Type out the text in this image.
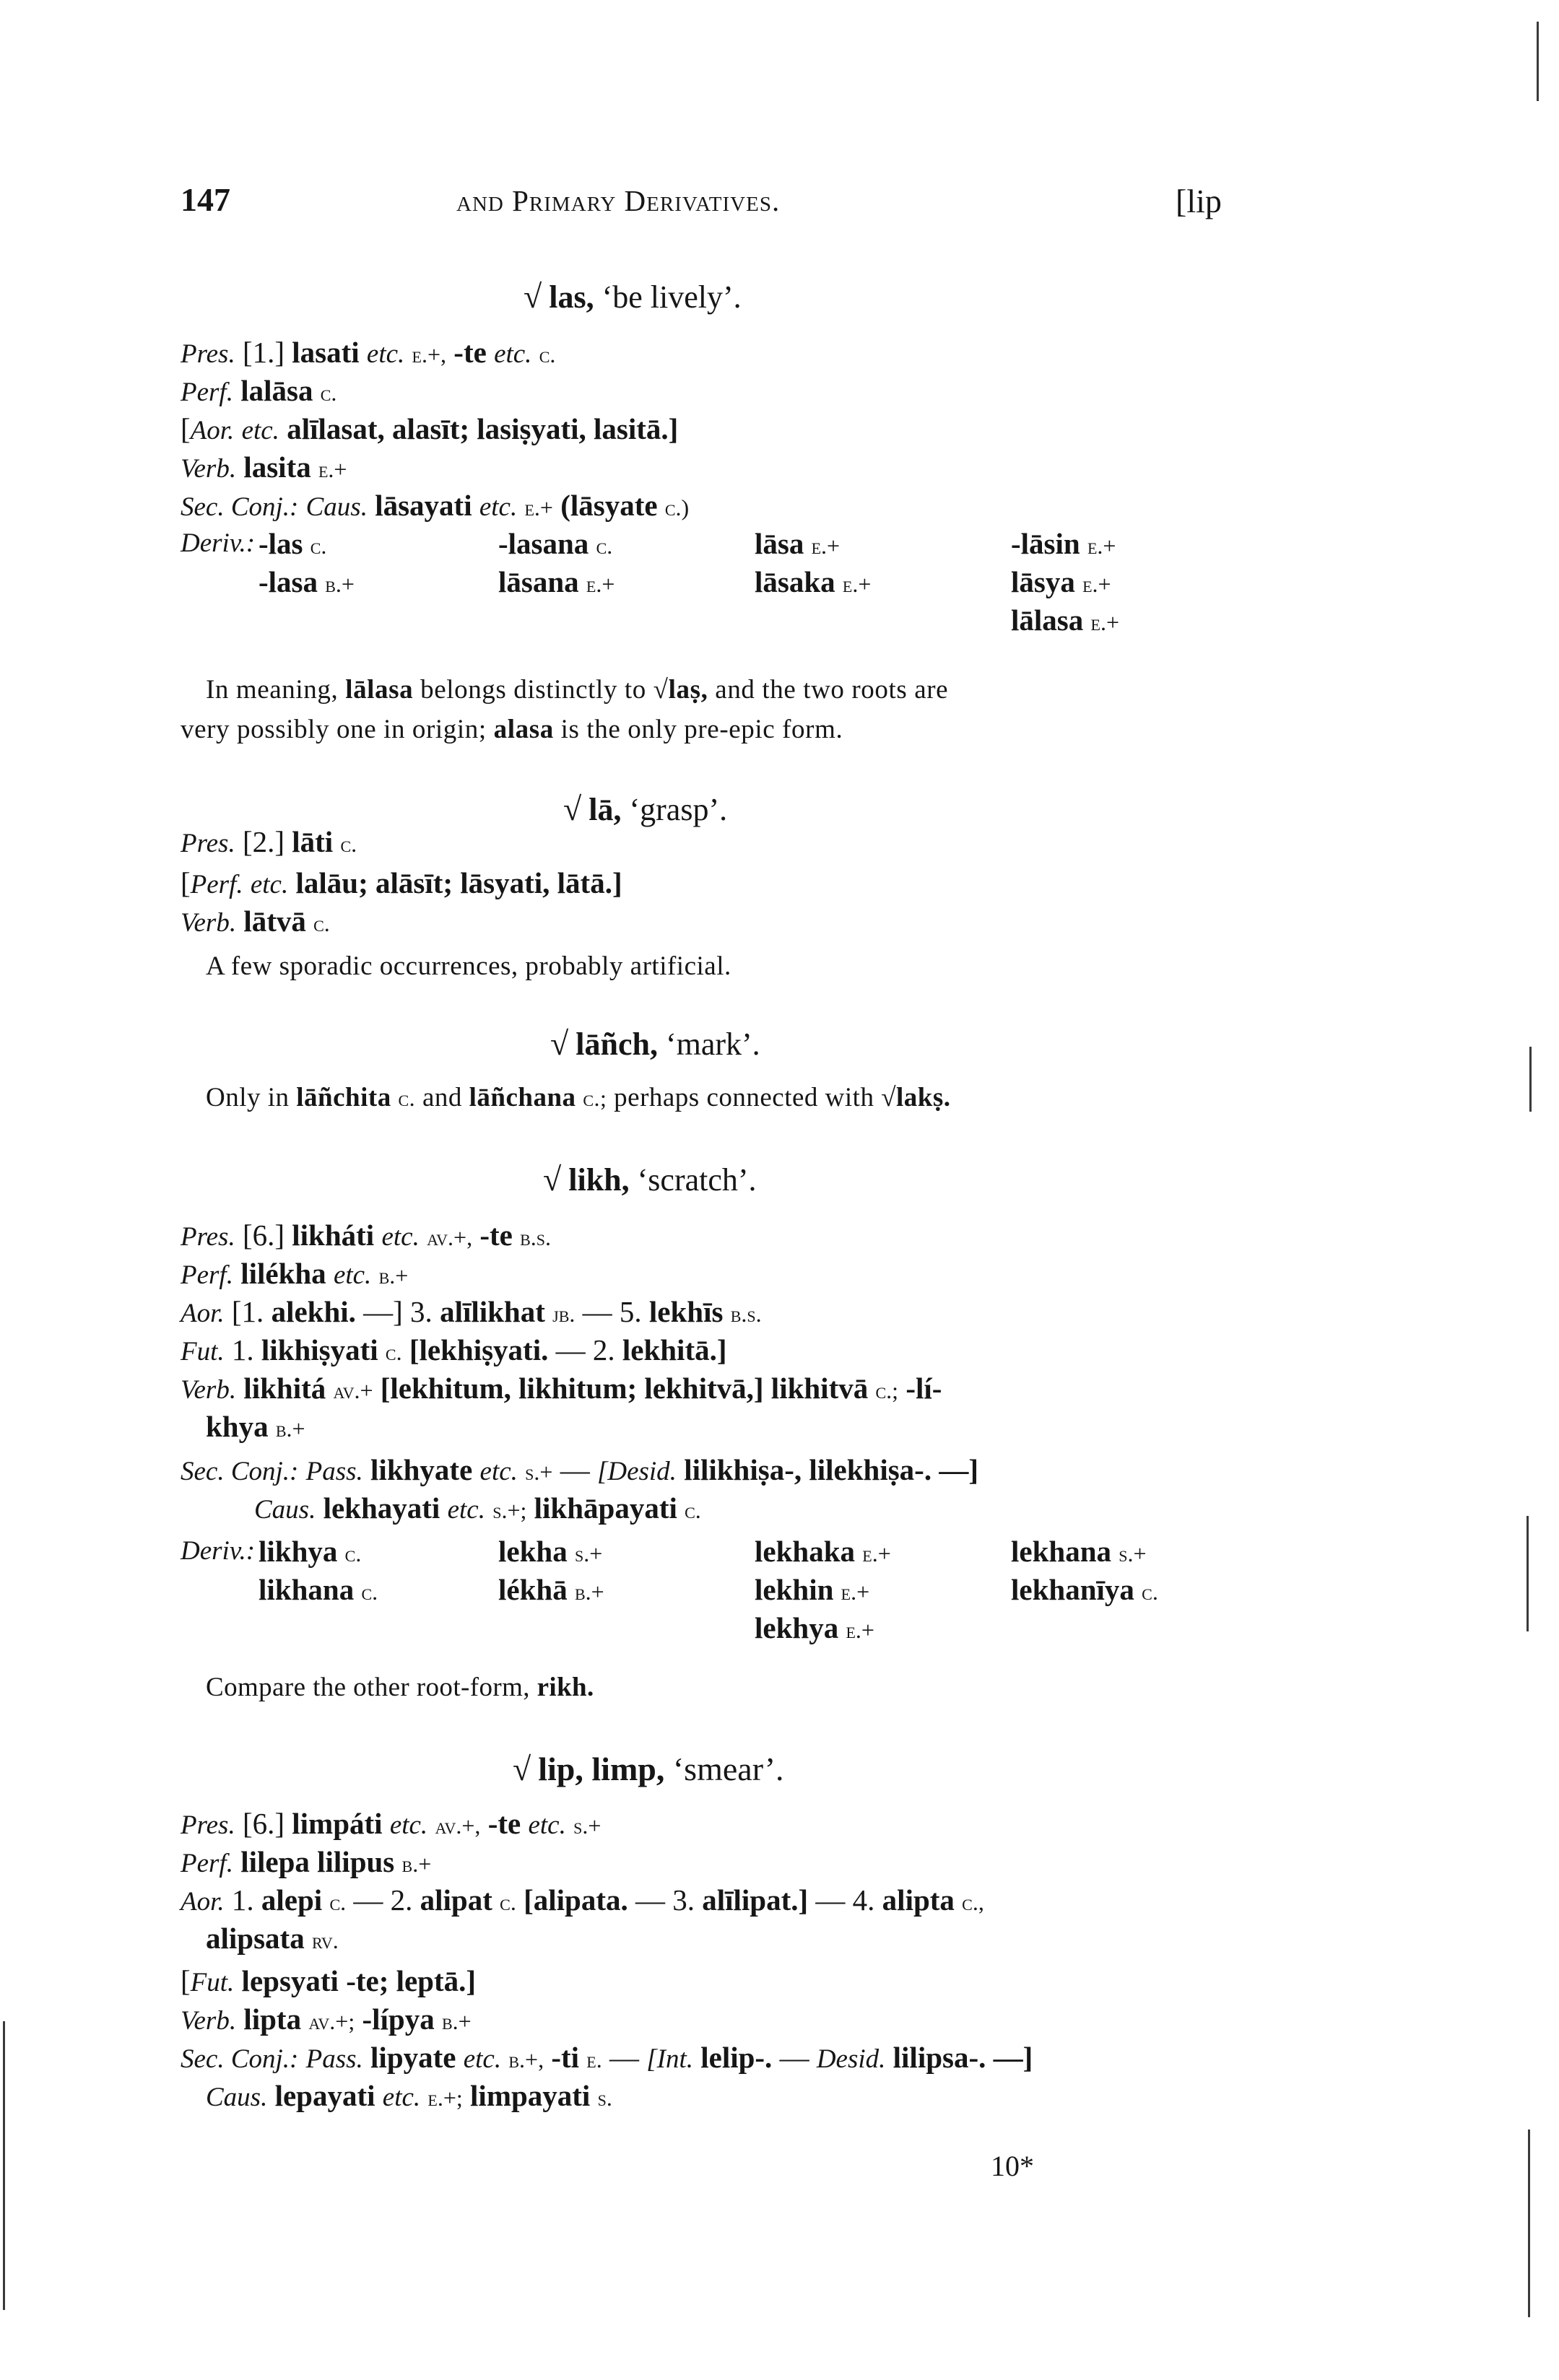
147	and Primary Derivatives.	[lip
√ las, ‘be lively’.
Pres. [1.] lasati etc. e.+, -te etc. c.
Perf. lalāsa c.
[Aor. etc. alīlasat, alasīt; lasiṣyati, lasitā.]
Verb. lasita e.+
Sec. Conj.: Caus. lāsayati etc. e.+ (lāsyate c.)
Deriv.: -las c.	-lasana c.	lāsa e.+	-lāsin e.+
-lasa b.+	lāsana e.+	lāsaka e.+	lāsya e.+
lālasa e.+
In meaning, lālasa belongs distinctly to √laṣ, and the two roots are
very possibly one in origin; alasa is the only pre-epic form.
√ lā, ‘grasp’.
Pres. [2.] lāti c.
[Perf. etc. lalāu; alāsīt; lāsyati, lātā.]
Verb. lātvā c.
A few sporadic occurrences, probably artificial.
√ lāñch, ‘mark’.
Only in lāñchita c. and lāñchana c.; perhaps connected with √lakṣ.
√ likh, ‘scratch’.
Pres. [6.] likháti etc. av.+, -te b.s.
Perf. lilékha etc. b.+
Aor. [1. alekhi. —] 3. alīlikhat jb. — 5. lekhīs b.s.
Fut. 1. likhiṣyati c. [lekhiṣyati. — 2. lekhitā.]
Verb. likhitá av.+ [lekhitum, likhitum; lekhitvā,] likhitvā c.; -lí-
khya b.+
Sec. Conj.: Pass. likhyate etc. s.+ — [Desid. lilikhiṣa-, lilekhiṣa-. —]
Caus. lekhayati etc. s.+; likhāpayati c.
Deriv.: likhya c.	lekha s.+	lekhaka e.+	lekhana s.+
likhana c.	lékhā b.+	lekhin e.+	lekhanīya c.
lekhya e.+
Compare the other root-form, rikh.
√ lip, limp, ‘smear’.
Pres. [6.] limpáti etc. av.+, -te etc. s.+
Perf. lilepa lilipus b.+
Aor. 1. alepi c. — 2. alipat c. [alipata. — 3. alīlipat.] — 4. alipta c.,
alipsata rv.
[Fut. lepsyati -te; leptā.]
Verb. lipta av.+; -lípya b.+
Sec. Conj.: Pass. lipyate etc. b.+, -ti e. — [Int. lelip-. — Desid. lilipsa-. —]
Caus. lepayati etc. e.+; limpayati s.
10*
